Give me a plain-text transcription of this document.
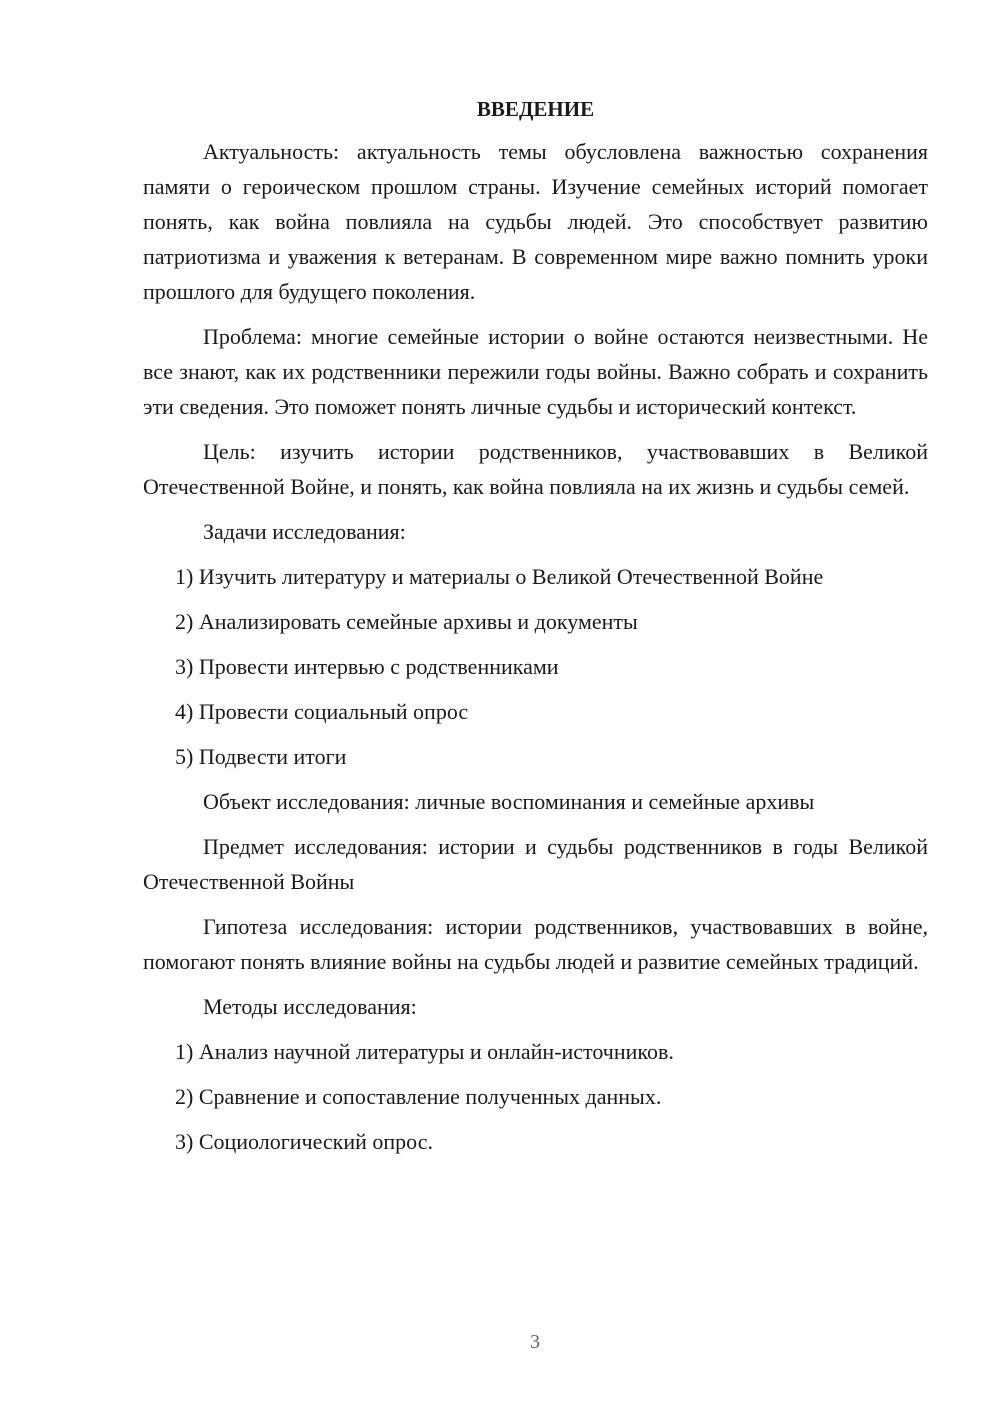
ВВЕДЕНИЕ
Актуальность: актуальность темы обусловлена важностью сохранения памяти о героическом прошлом страны. Изучение семейных историй помогает понять, как война повлияла на судьбы людей. Это способствует развитию патриотизма и уважения к ветеранам. В современном мире важно помнить уроки прошлого для будущего поколения.
Проблема: многие семейные истории о войне остаются неизвестными. Не все знают, как их родственники пережили годы войны. Важно собрать и сохранить эти сведения. Это поможет понять личные судьбы и исторический контекст.
Цель: изучить истории родственников, участвовавших в Великой Отечественной Войне, и понять, как война повлияла на их жизнь и судьбы семей.
Задачи исследования:
1) Изучить литературу и материалы о Великой Отечественной Войне
2) Анализировать семейные архивы и документы
3) Провести интервью с родственниками
4) Провести социальный опрос
5) Подвести итоги
Объект исследования: личные воспоминания и семейные архивы
Предмет исследования: истории и судьбы родственников в годы Великой Отечественной Войны
Гипотеза исследования: истории родственников, участвовавших в войне, помогают понять влияние войны на судьбы людей и развитие семейных традиций.
Методы исследования:
1) Анализ научной литературы и онлайн-источников.
2) Сравнение и сопоставление полученных данных.
3) Социологический опрос.
3
